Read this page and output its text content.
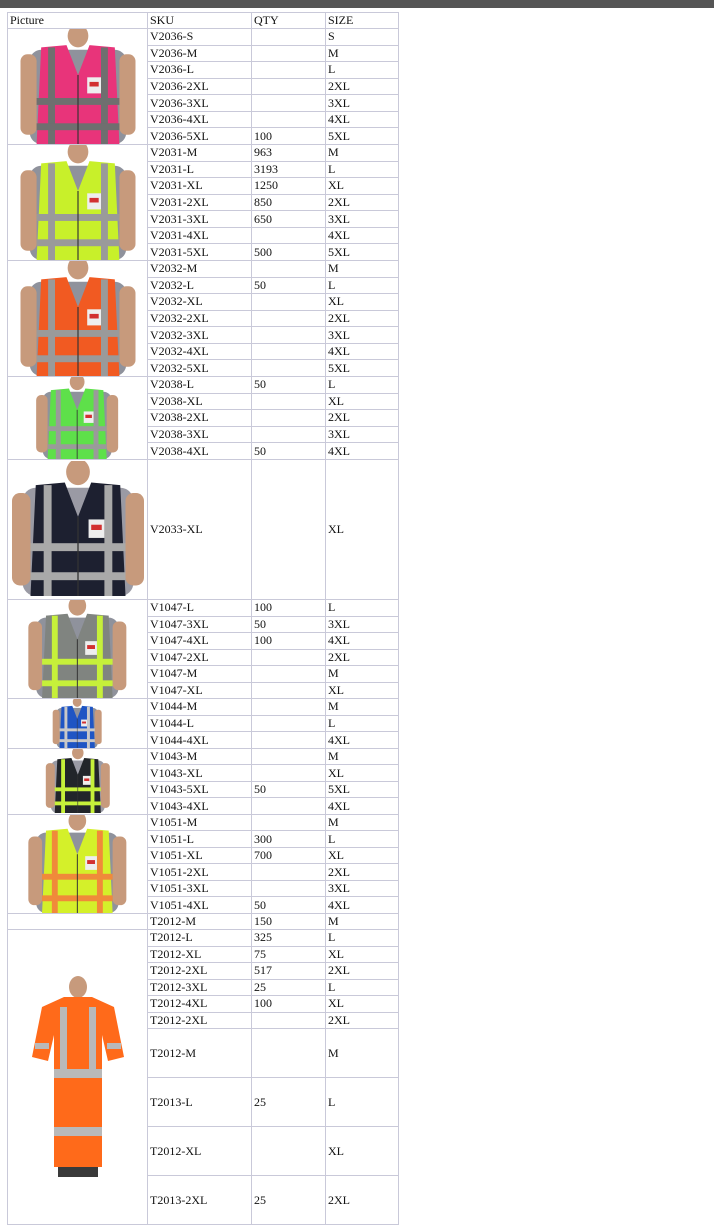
Picture	SKU	QTY	SIZE

	V2036-S		S
	V2036-M		M
	V2036-L		L
	V2036-2XL		2XL
	V2036-3XL		3XL
	V2036-4XL		4XL
	V2036-5XL	100	5XL

	V2031-M	963	M
	V2031-L	3193	L
	V2031-XL	1250	XL
	V2031-2XL	850	2XL
	V2031-3XL	650	3XL
	V2031-4XL		4XL
	V2031-5XL	500	5XL

	V2032-M		M
	V2032-L	50	L
	V2032-XL		XL
	V2032-2XL		2XL
	V2032-3XL		3XL
	V2032-4XL		4XL
	V2032-5XL		5XL

	V2038-L	50	L
	V2038-XL		XL
	V2038-2XL		2XL
	V2038-3XL		3XL
	V2038-4XL	50	4XL

	V2033-XL		XL

	V1047-L	100	L
	V1047-3XL	50	3XL
	V1047-4XL	100	4XL
	V1047-2XL		2XL
	V1047-M		M
	V1047-XL		XL

	V1044-M		M
	V1044-L		L
	V1044-4XL		4XL

	V1043-M		M
	V1043-XL		XL
	V1043-5XL	50	5XL
	V1043-4XL		4XL

	V1051-M		M
	V1051-L	300	L
	V1051-XL	700	XL
	V1051-2XL		2XL
	V1051-3XL		3XL
	V1051-4XL	50	4XL
	T2012-M	150	M

	T2012-L	325	L
	T2012-XL	75	XL
	T2012-2XL	517	2XL
	T2012-3XL	25	L
	T2012-4XL	100	XL
	T2012-2XL		2XL
	T2012-M		M
	T2013-L	25	L
	T2012-XL		XL
	T2013-2XL	25	2XL
